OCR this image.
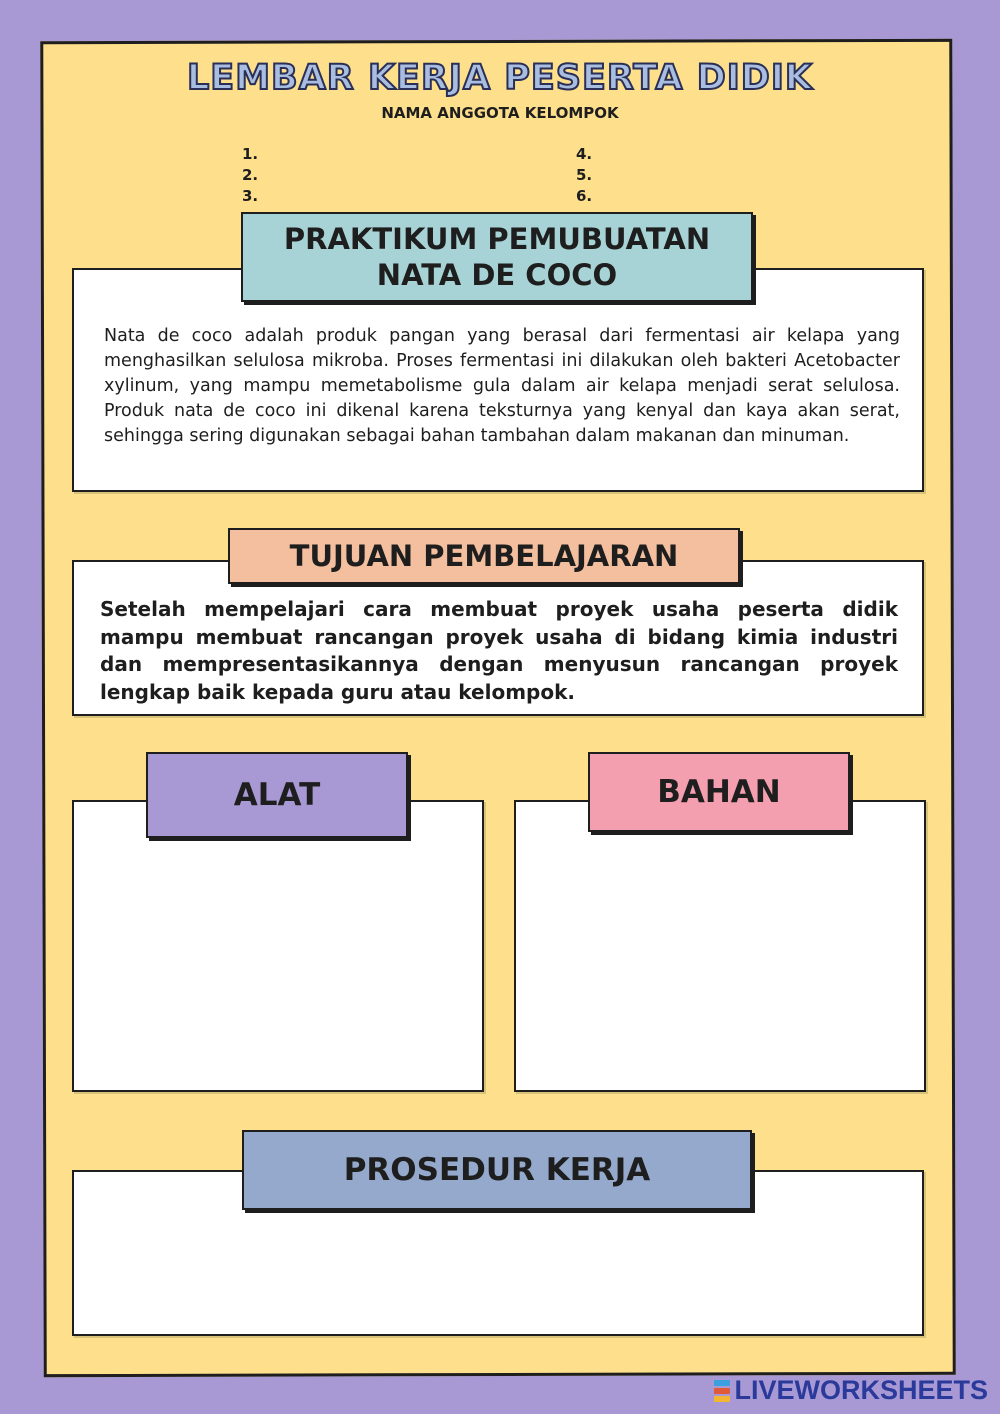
LEMBAR KERJA PESERTA DIDIK
NAMA ANGGOTA KELOMPOK
1.
2.
3.
4.
5.
6.
PRAKTIKUM PEMUBUATAN
NATA DE COCO

Nata de coco adalah produk pangan yang berasal dari fermentasi air kelapa yang menghasilkan selulosa mikroba. Proses fermentasi ini dilakukan oleh bakteri Acetobacter xylinum, yang mampu memetabolisme gula dalam air kelapa menjadi serat selulosa. Produk nata de coco ini dikenal karena teksturnya yang kenyal dan kaya akan serat, sehingga sering digunakan sebagai bahan tambahan dalam makanan dan minuman.

TUJUAN PEMBELAJARAN

Setelah mempelajari cara membuat proyek usaha peserta didik mampu membuat rancangan proyek usaha di bidang kimia industri dan mempresentasikannya dengan menyusun rancangan proyek lengkap baik kepada guru atau kelompok.

ALAT	BAHAN
PROSEDUR KERJA
LIVEWORKSHEETS
